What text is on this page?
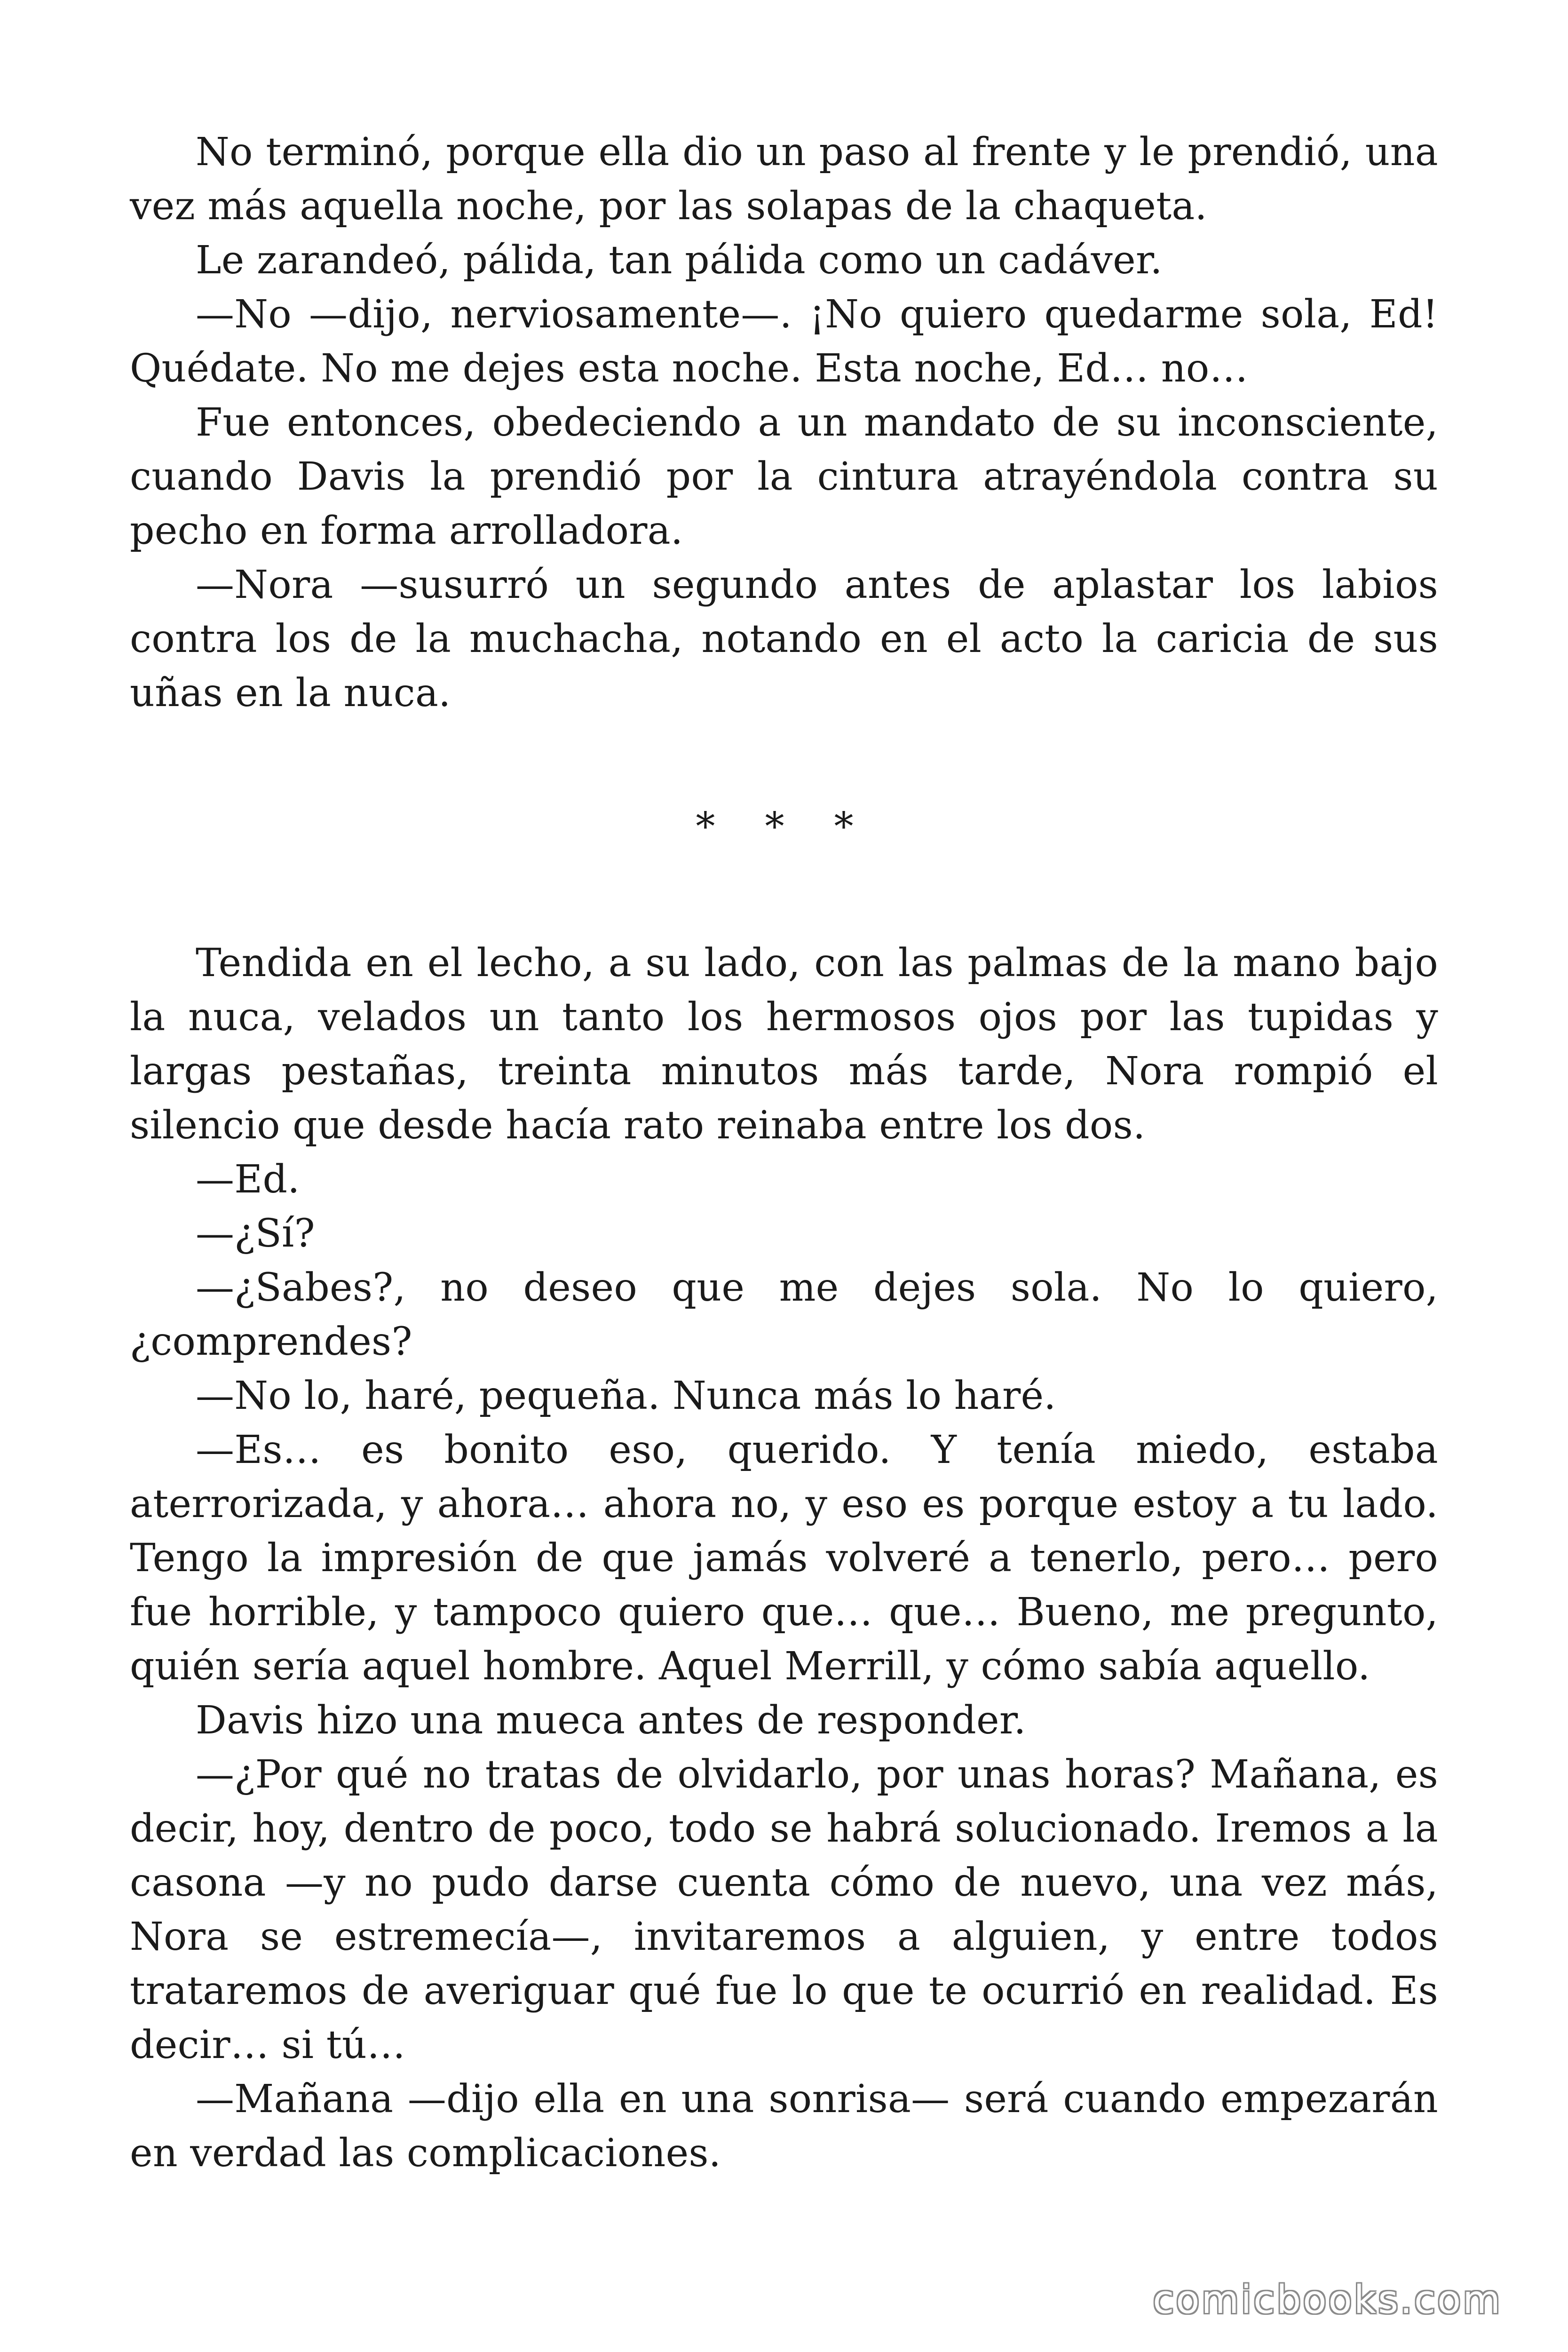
No terminó, porque ella dio un paso al frente y le prendió, una vez más aquella noche, por las solapas de la chaqueta.

Le zarandeó, pálida, tan pálida como un cadáver.

—No —dijo, nerviosamente—. ¡No quiero quedarme sola, Ed! Quédate. No me dejes esta noche. Esta noche, Ed… no…

Fue entonces, obedeciendo a un mandato de su inconsciente, cuando Davis la prendió por la cintura atrayéndola contra su pecho en forma arrolladora.

—Nora —susurró un segundo antes de aplastar los labios contra los de la muchacha, notando en el acto la caricia de sus uñas en la nuca.

* * *

Tendida en el lecho, a su lado, con las palmas de la mano bajo la nuca, velados un tanto los hermosos ojos por las tupidas y largas pestañas, treinta minutos más tarde, Nora rompió el silencio que desde hacía rato reinaba entre los dos.

—Ed.

—¿Sí?

—¿Sabes?, no deseo que me dejes sola. No lo quiero, ¿comprendes?

—No lo, haré, pequeña. Nunca más lo haré.

—Es… es bonito eso, querido. Y tenía miedo, estaba aterrorizada, y ahora… ahora no, y eso es porque estoy a tu lado. Tengo la impresión de que jamás volveré a tenerlo, pero… pero fue horrible, y tampoco quiero que… que… Bueno, me pregunto, quién sería aquel hombre. Aquel Merrill, y cómo sabía aquello.

Davis hizo una mueca antes de responder.

—¿Por qué no tratas de olvidarlo, por unas horas? Mañana, es decir, hoy, dentro de poco, todo se habrá solucionado. Iremos a la casona —y no pudo darse cuenta cómo de nuevo, una vez más, Nora se estremecía—, invitaremos a alguien, y entre todos trataremos de averiguar qué fue lo que te ocurrió en realidad. Es decir… si tú…

—Mañana —dijo ella en una sonrisa— será cuando empezarán en verdad las complicaciones.

comicbooks.com
